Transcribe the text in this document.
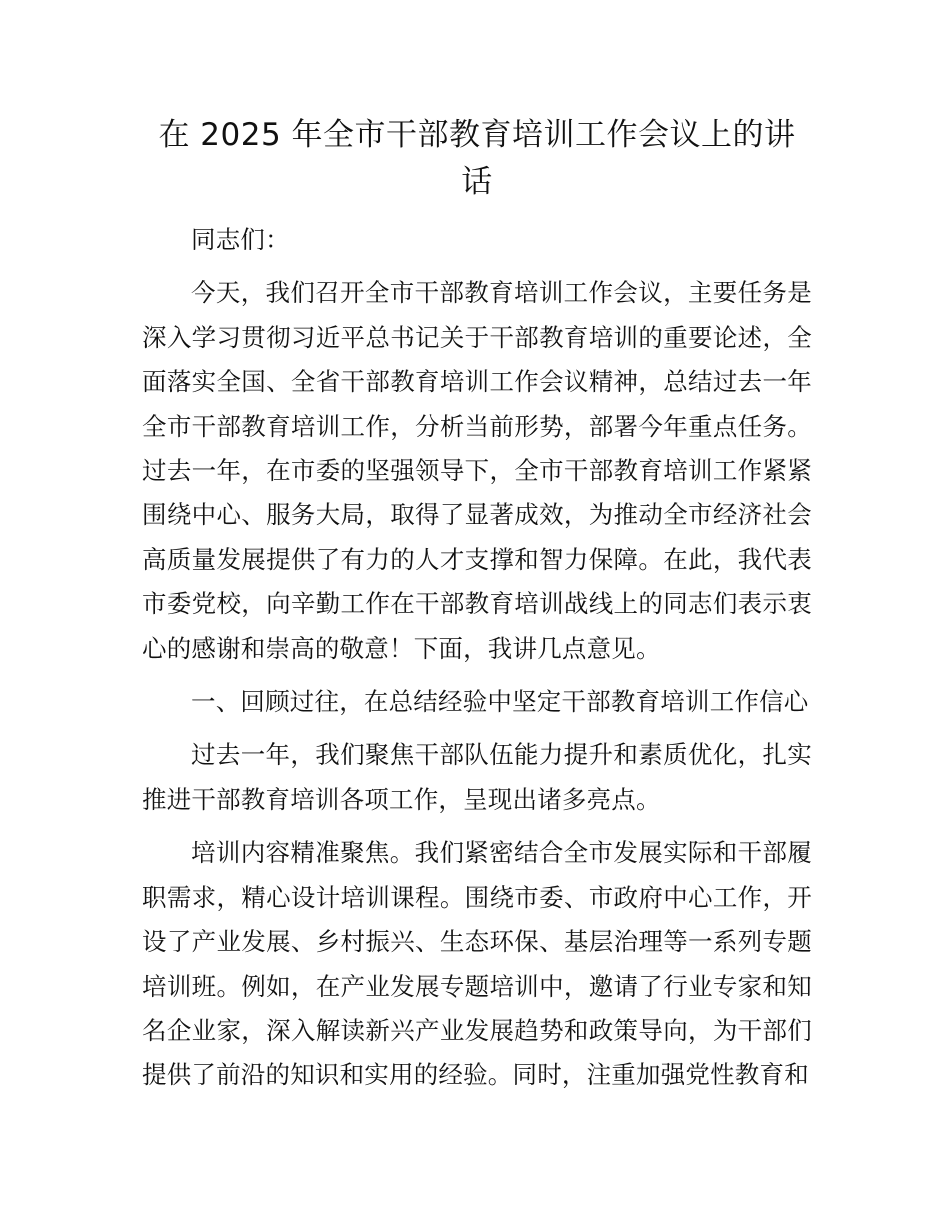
在 2025 年全市干部教育培训工作会议上的讲话

同志们：

今天，我们召开全市干部教育培训工作会议，主要任务是深入学习贯彻习近平总书记关于干部教育培训的重要论述，全面落实全国、全省干部教育培训工作会议精神，总结过去一年全市干部教育培训工作，分析当前形势，部署今年重点任务。过去一年，在市委的坚强领导下，全市干部教育培训工作紧紧围绕中心、服务大局，取得了显著成效，为推动全市经济社会高质量发展提供了有力的人才支撑和智力保障。在此，我代表市委党校，向辛勤工作在干部教育培训战线上的同志们表示衷心的感谢和崇高的敬意！下面，我讲几点意见。

一、回顾过往，在总结经验中坚定干部教育培训工作信心

过去一年，我们聚焦干部队伍能力提升和素质优化，扎实推进干部教育培训各项工作，呈现出诸多亮点。

培训内容精准聚焦。我们紧密结合全市发展实际和干部履职需求，精心设计培训课程。围绕市委、市政府中心工作，开设了产业发展、乡村振兴、生态环保、基层治理等一系列专题培训班。例如，在产业发展专题培训中，邀请了行业专家和知名企业家，深入解读新兴产业发展趋势和政策导向，为干部们提供了前沿的知识和实用的经验。同时，注重加强党性教育和
